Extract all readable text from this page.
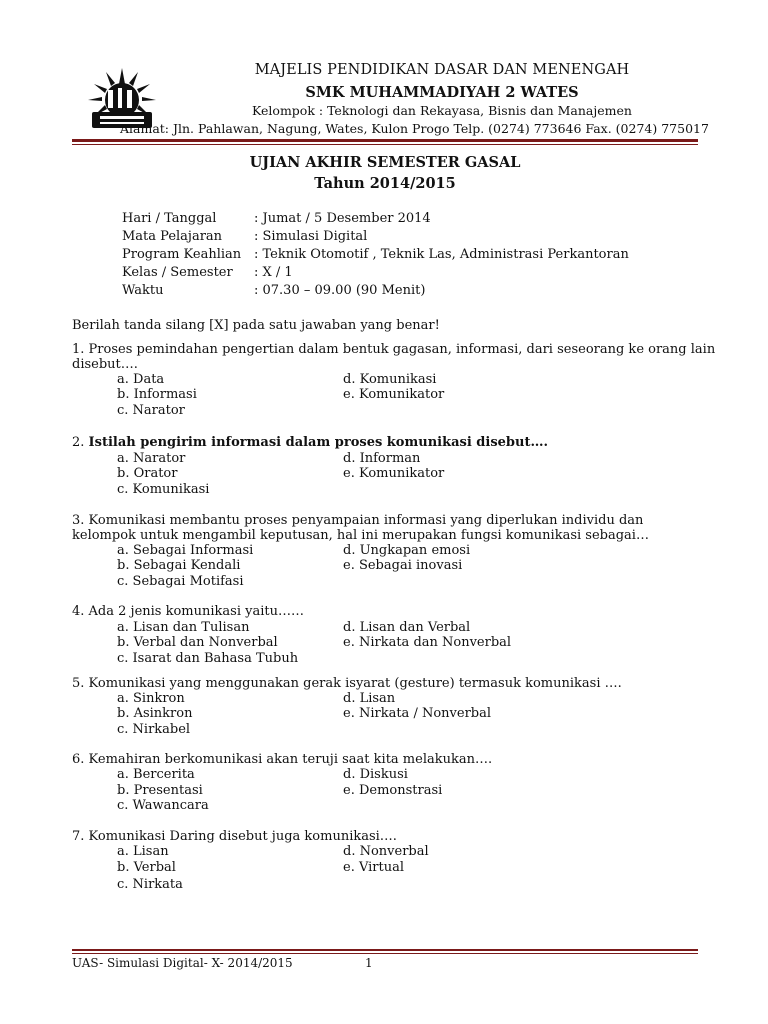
MAJELIS PENDIDIKAN DASAR DAN MENENGAH
SMK MUHAMMADIYAH 2 WATES
Kelompok : Teknologi dan Rekayasa, Bisnis dan Manajemen
Alamat: Jln. Pahlawan, Nagung, Wates, Kulon Progo Telp. (0274) 773646 Fax. (0274) 775017
UJIAN AKHIR SEMESTER GASAL
Tahun 2014/2015
Hari / Tanggal	: Jumat / 5 Desember 2014
Mata Pelajaran : Simulasi Digital
Program Keahlian : Teknik Otomotif , Teknik Las, Administrasi Perkantoran
Kelas / Semester : X / 1
Waktu	: 07.30 – 09.00 (90 Menit)
Berilah tanda silang [X] pada satu jawaban yang benar!
1. Proses pemindahan pengertian dalam bentuk gagasan, informasi, dari seseorang ke orang lain
disebut….
a. Data
b. Informasi
c. Narator
d. Komunikasi
e. Komunikator
2. Istilah pengirim informasi dalam proses komunikasi disebut….
a. Narator
b. Orator
c. Komunikasi
d. Informan
e. Komunikator
3. Komunikasi membantu proses penyampaian informasi yang diperlukan individu dan
kelompok untuk mengambil keputusan, hal ini merupakan fungsi komunikasi sebagai…
a. Sebagai Informasi
b. Sebagai Kendali
c. Sebagai Motifasi
d. Ungkapan emosi
e. Sebagai inovasi
4. Ada 2 jenis komunikasi yaitu……
a. Lisan dan Tulisan
b. Verbal dan Nonverbal
c. Isarat dan Bahasa Tubuh
d. Lisan dan Verbal
e. Nirkata dan Nonverbal
5. Komunikasi yang menggunakan gerak isyarat (gesture) termasuk komunikasi ….
a. Sinkron
b. Asinkron
c. Nirkabel
d. Lisan
e. Nirkata / Nonverbal
6. Kemahiran berkomunikasi akan teruji saat kita melakukan….
a. Bercerita
b. Presentasi
c. Wawancara
d. Diskusi
e. Demonstrasi
7. Komunikasi Daring disebut juga komunikasi….
a. Lisan
b. Verbal
c. Nirkata
d. Nonverbal
e. Virtual
UAS- Simulasi Digital- X- 2014/2015	1
